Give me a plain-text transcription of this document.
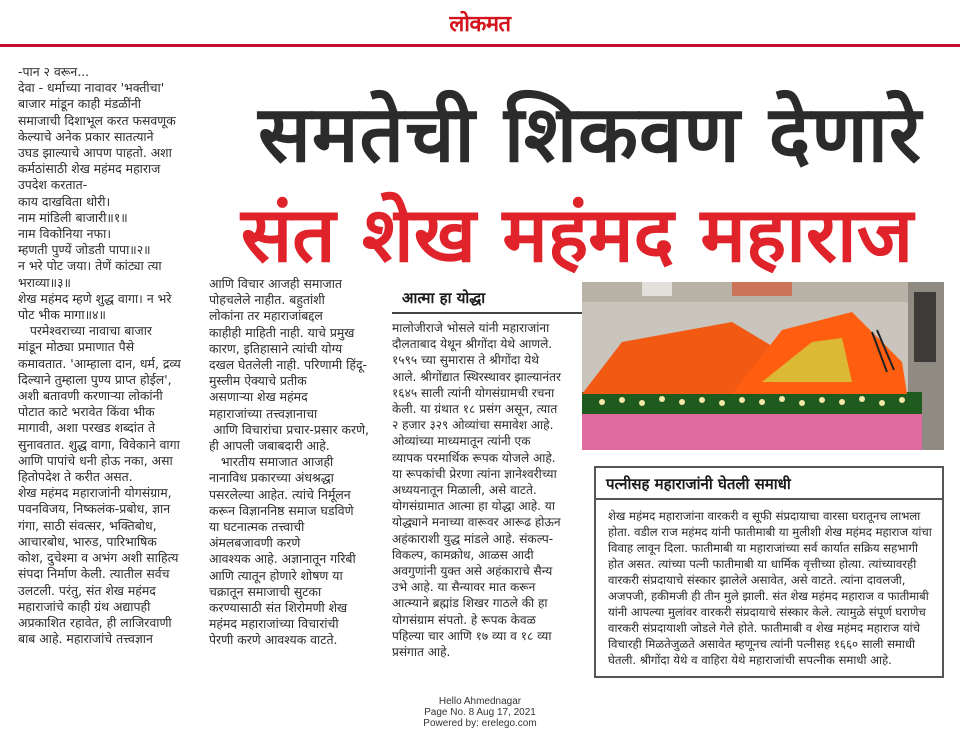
लोकमत
-पान २ वरून...
देवा - धर्माच्या नावावर 'भक्तीचा'
बाजार मांडून काही मंडळींनी
समाजाची दिशाभूल करत फसवणूक
केल्याचे अनेक प्रकार सातत्याने
उघड झाल्याचे आपण पाहतो. अशा
कर्मठांसाठी शेख महंमद महाराज
उपदेश करतात-
काय दाखविता थोरी।
नाम मांडिली बाजारी॥१॥
नाम विकोनिया नफा।
म्हणती पुण्यें जोडती पापा॥२॥
न भरे पोट जया। तेणें कांट्या त्या
भराव्या॥३॥
शेख महंमद म्हणे शुद्ध वागा। न भरे
पोट भीक मागा॥४॥
परमेश्वराच्या नावाचा बाजार
मांडून मोठ्या प्रमाणात पैसे
कमावतात. 'आम्हाला दान, धर्म, द्रव्य
दिल्याने तुम्हाला पुण्य प्राप्त होईल',
अशी बतावणी करणाऱ्या लोकांनी
पोटात काटे भरावेत किंवा भीक
मागावी, अशा परखड शब्दांत ते
सुनावतात. शुद्ध वागा, विवेकाने वागा
आणि पापांचे धनी होऊ नका, असा
हितोपदेश ते करीत असत.
शेख महंमद महाराजांनी योगसंग्राम,
पवनविजय, निष्कलंक-प्रबोध, ज्ञान
गंगा, साठी संवत्सर, भक्तिबोध,
आचारबोध, भारुड, पारिभाषिक
कोश, दुचेश्मा व अभंग अशी साहित्य
संपदा निर्माण केली. त्यातील सर्वच
उलटली. परंतु, संत शेख महंमद
महाराजांचे काही ग्रंथ अद्यापही
अप्रकाशित रहावेत, ही लाजिरवाणी
बाब आहे. महाराजांचे तत्त्वज्ञान
समतेची शिकवण देणारे
संत शेख महंमद महाराज
आणि विचार आजही समाजात
पोहचलेले नाहीत. बहुतांशी
लोकांना तर महाराजांबद्दल
काहीही माहिती नाही. याचे प्रमुख
कारण, इतिहासाने त्यांची योग्य
दखल घेतलेली नाही. परिणामी हिंदू-
मुस्लीम ऐक्याचे प्रतीक
असणाऱ्या शेख महंमद
महाराजांच्या तत्त्वज्ञानाचा
आणि विचारांचा प्रचार-प्रसार करणे,
ही आपली जबाबदारी आहे.
भारतीय समाजात आजही
नानाविध प्रकारच्या अंधश्रद्धा
पसरलेल्या आहेत. त्यांचे निर्मूलन
करून विज्ञाननिष्ठ समाज घडविणे
या घटनात्मक तत्त्वाची
अंमलबजावणी करणे
आवश्यक आहे. अज्ञानातून गरिबी
आणि त्यातून होणारे शोषण या
चक्रातून समाजाची सुटका
करण्यासाठी संत शिरोमणी शेख
महंमद महाराजांच्या विचारांची
पेरणी करणे आवश्यक वाटते.
आत्मा हा योद्धा
मालोजीराजे भोसले यांनी महाराजांना
दौलताबाद येथून श्रीगोंदा येथे आणले.
१५९५ च्या सुमारास ते श्रीगोंदा येथे
आले. श्रीगोंद्यात स्थिरस्थावर झाल्यानंतर
१६४५ साली त्यांनी योगसंग्रामची रचना
केली. या ग्रंथात १८ प्रसंग असून, त्यात
२ हजार ३२९ ओव्यांचा समावेश आहे.
ओव्यांच्या माध्यमातून त्यांनी एक
व्यापक परमार्थिक रूपक योजले आहे.
या रूपकांची प्रेरणा त्यांना ज्ञानेश्वरीच्या
अध्ययनातून मिळाली, असे वाटते.
योगसंग्रामात आत्मा हा योद्धा आहे. या
योद्ध्याने मनाच्या वारूवर आरूढ होऊन
अहंकाराशी युद्ध मांडले आहे. संकल्प-
विकल्प, कामक्रोध, आळस आदी
अवगुणांनी युक्त असे अहंकाराचे सैन्य
उभे आहे. या सैन्यावर मात करून
आत्म्याने ब्रह्मांड शिखर गाठले की हा
योगसंग्राम संपतो. हे रूपक केवळ
पहिल्या चार आणि १७ व्या व १८ व्या
प्रसंगात आहे.
पत्नीसह महाराजांनी घेतली समाधी
शेख महंमद महाराजांना वारकरी व सूफी संप्रदायाचा वारसा घरातूनच लाभला
होता. वडील राज महंमद यांनी फातीमाबी या मुलीशी शेख महंमद महाराज यांचा
विवाह लावून दिला. फातीमाबी या महाराजांच्या सर्व कार्यात सक्रिय सहभागी
होत असत. त्यांच्या पत्नी फातीमाबी या धार्मिक वृत्तीच्या होत्या. त्यांच्यावरही
वारकरी संप्रदायाचे संस्कार झालेले असावेत, असे वाटते. त्यांना दावलजी,
अजपजी, हकीमजी ही तीन मुले झाली. संत शेख महंमद महाराज व फातीमाबी
यांनी आपल्या मुलांवर वारकरी संप्रदायाचे संस्कार केले. त्यामुळे संपूर्ण घराणेच
वारकरी संप्रदायाशी जोडले गेले होते. फातीमाबी व शेख महंमद महाराज यांचे
विचारही मिळतेजुळते असावेत म्हणूनच त्यांनी पत्नीसह १६६० साली समाधी
घेतली. श्रीगोंदा येथे व वाहिरा येथे महाराजांची सपत्नीक समाधी आहे.
Hello Ahmednagar
Page No. 8 Aug 17, 2021
Powered by: erelego.com
